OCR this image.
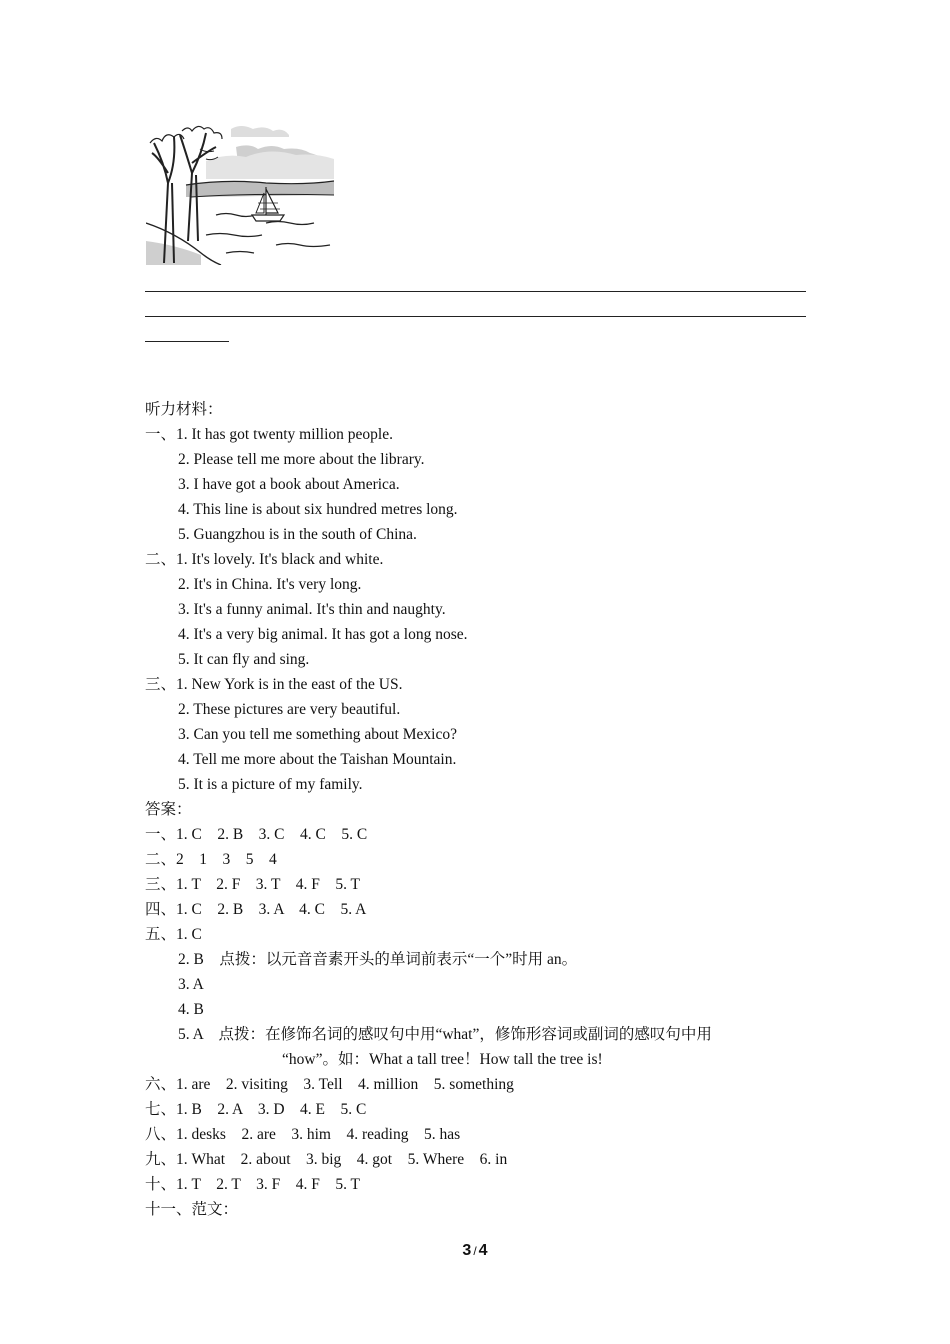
听力材料：
一、1. It has got twenty million people.
2. Please tell me more about the library.
3. I have got a book about America.
4. This line is about six hundred metres long.
5. Guangzhou is in the south of China.
二、1. It's lovely. It's black and white.
2. It's in China. It's very long.
3. It's a funny animal. It's thin and naughty.
4. It's a very big animal. It has got a long nose.
5. It can fly and sing.
三、1. New York is in the east of the US.
2. These pictures are very beautiful.
3. Can you tell me something about Mexico?
4. Tell me more about the Taishan Mountain.
5. It is a picture of my family.
答案：
一、1. C　2. B　3. C　4. C　5. C
二、2　1　3　5　4
三、1. T　2. F　3. T　4. F　5. T
四、1. C　2. B　3. A　4. C　5. A
五、1. C
2. B　点拨：以元音音素开头的单词前表示“一个”时用 an。
3. A
4. B
5. A　点拨：在修饰名词的感叹句中用“what”，修饰形容词或副词的感叹句中用
“how”。如：What a tall tree！How tall the tree is!
六、1. are　2. visiting　3. Tell　4. million　5. something
七、1. B　2. A　3. D　4. E　5. C
八、1. desks　2. are　3. him　4. reading　5. has
九、1. What　2. about　3. big　4. got　5. Where　6. in
十、1. T　2. T　3. F　4. F　5. T
十一、范文：
3 / 4
